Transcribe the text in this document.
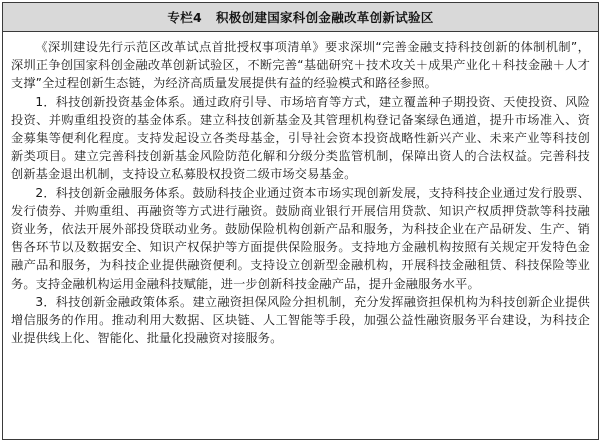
专栏4 积极创建国家科创金融改革创新试验区

《深圳建设先行示范区改革试点首批授权事项清单》要求深圳“完善金融支持科技创新的体制机制”，深圳正争创国家科创金融改革创新试验区，不断完善“基础研究＋技术攻关＋成果产业化＋科技金融＋人才支撑”全过程创新生态链，为经济高质量发展提供有益的经验模式和路径参照。

1．科技创新投资基金体系。通过政府引导、市场培育等方式，建立覆盖种子期投资、天使投资、风险投资、并购重组投资的基金体系。建立科技创新基金及其管理机构登记备案绿色通道，提升市场准入、资金募集等便利化程度。支持发起设立各类母基金，引导社会资本投资战略性新兴产业、未来产业等科技创新类项目。建立完善科技创新基金风险防范化解和分级分类监管机制，保障出资人的合法权益。完善科技创新基金退出机制，支持设立私募股权投资二级市场交易基金。

2．科技创新金融服务体系。鼓励科技企业通过资本市场实现创新发展，支持科技企业通过发行股票、发行债券、并购重组、再融资等方式进行融资。鼓励商业银行开展信用贷款、知识产权质押贷款等科技融资业务，依法开展外部投贷联动业务。鼓励保险机构创新产品和服务，为科技企业在产品研发、生产、销售各环节以及数据安全、知识产权保护等方面提供保险服务。支持地方金融机构按照有关规定开发特色金融产品和服务，为科技企业提供融资便利。支持设立创新型金融机构，开展科技金融租赁、科技保险等业务。支持金融机构运用金融科技赋能，进一步创新科技金融产品，提升金融服务水平。

3．科技创新金融政策体系。建立融资担保风险分担机制，充分发挥融资担保机构为科技创新企业提供增信服务的作用。推动利用大数据、区块链、人工智能等手段，加强公益性融资服务平台建设，为科技企业提供线上化、智能化、批量化投融资对接服务。
